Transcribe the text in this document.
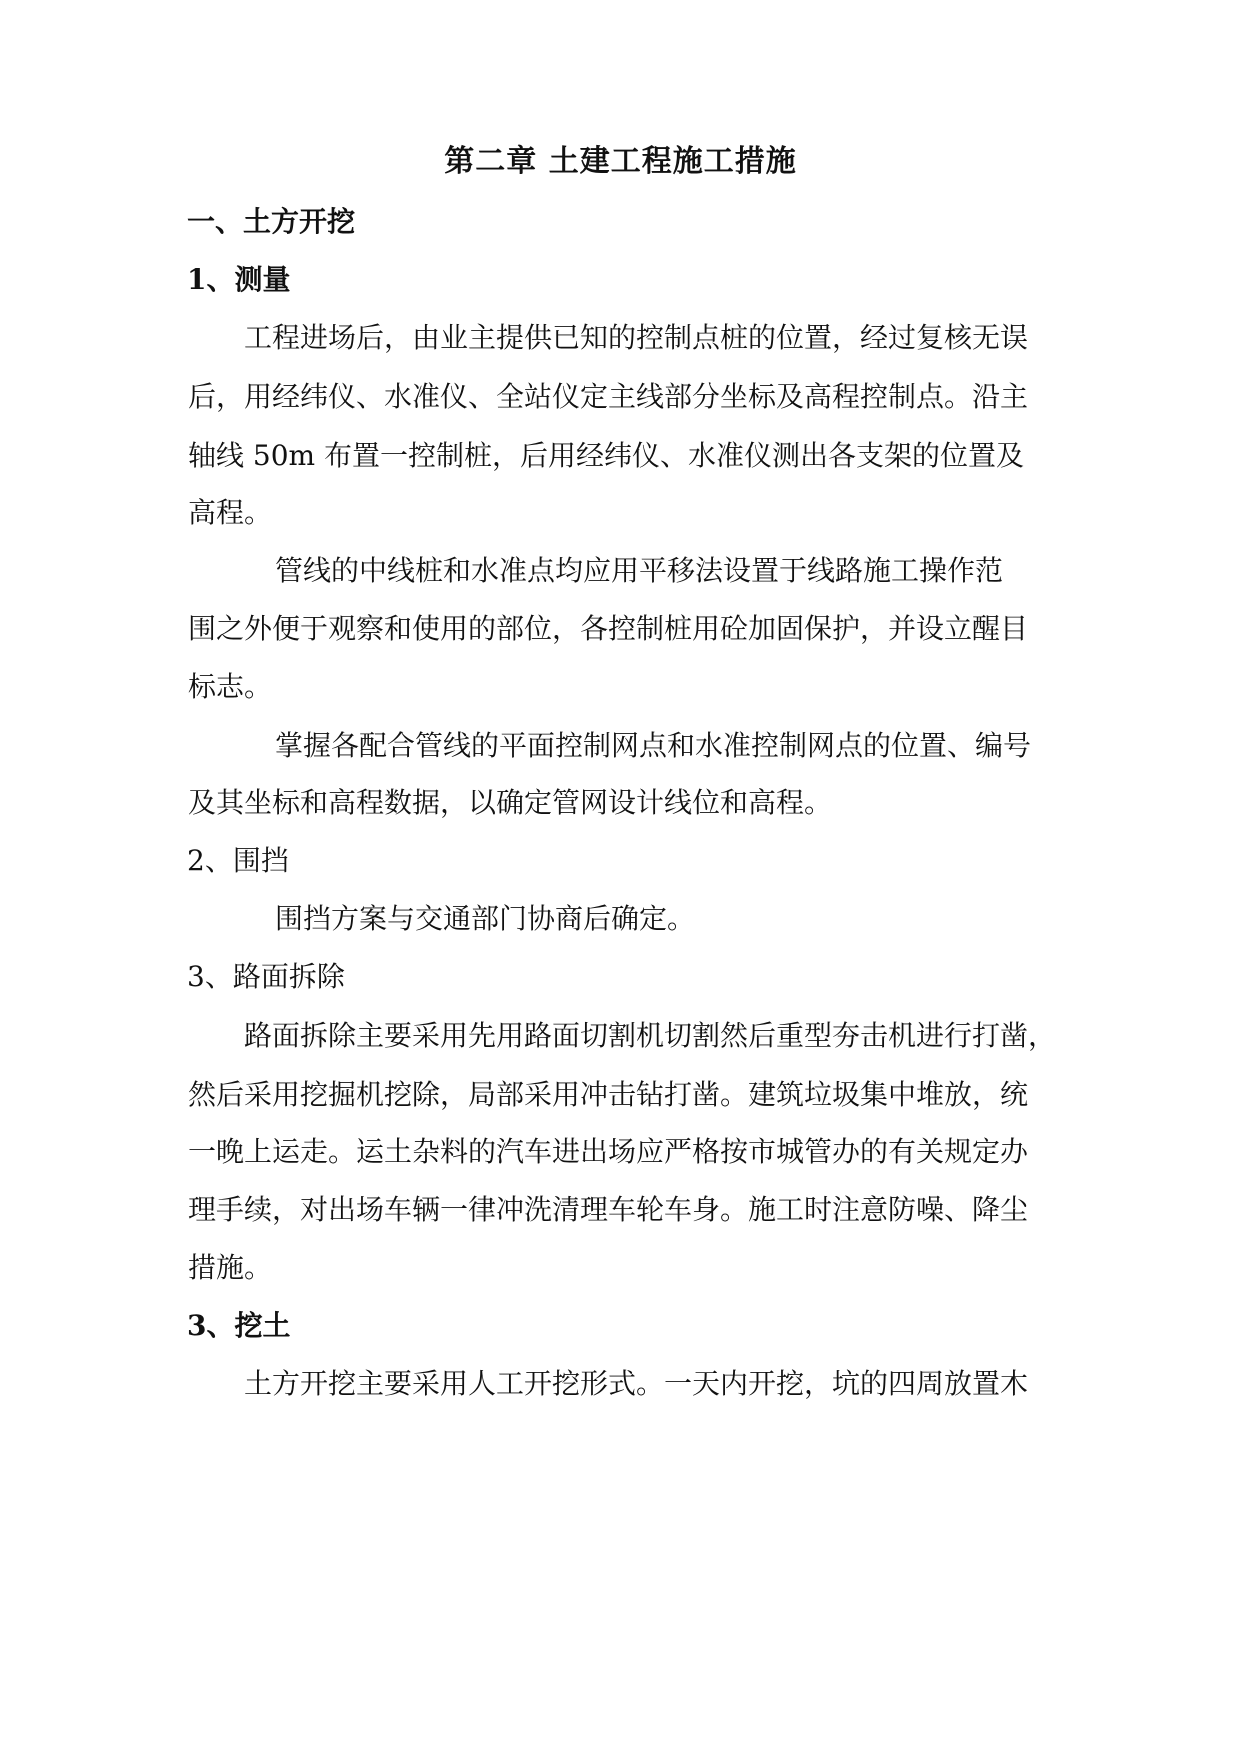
第二章 土建工程施工措施
一、土方开挖
1、测量

工程进场后，由业主提供已知的控制点桩的位置，经过复核无误

后，用经纬仪、水准仪、全站仪定主线部分坐标及高程控制点。沿主

轴线 50m 布置一控制桩，后用经纬仪、水准仪测出各支架的位置及

高程。

管线的中线桩和水准点均应用平移法设置于线路施工操作范

围之外便于观察和使用的部位，各控制桩用砼加固保护，并设立醒目

标志。

掌握各配合管线的平面控制网点和水准控制网点的位置、编号

及其坐标和高程数据，以确定管网设计线位和高程。

2、围挡

围挡方案与交通部门协商后确定。

3、路面拆除

路面拆除主要采用先用路面切割机切割然后重型夯击机进行打凿，

然后采用挖掘机挖除，局部采用冲击钻打凿。建筑垃圾集中堆放，统

一晚上运走。运土杂料的汽车进出场应严格按市城管办的有关规定办

理手续，对出场车辆一律冲洗清理车轮车身。施工时注意防噪、降尘

措施。

3、挖土

土方开挖主要采用人工开挖形式。一天内开挖，坑的四周放置木
